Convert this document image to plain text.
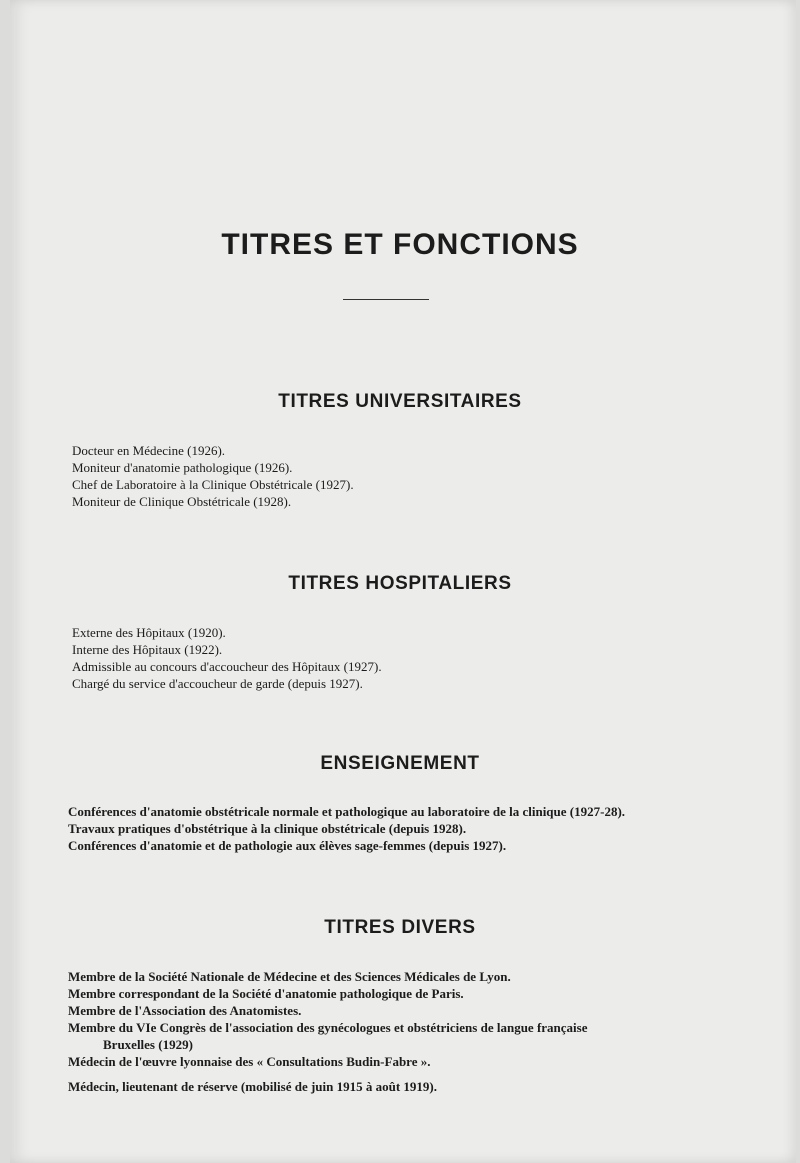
TITRES ET FONCTIONS
TITRES UNIVERSITAIRES
Docteur en Médecine (1926).
Moniteur d'anatomie pathologique (1926).
Chef de Laboratoire à la Clinique Obstétricale (1927).
Moniteur de Clinique Obstétricale (1928).
TITRES HOSPITALIERS
Externe des Hôpitaux (1920).
Interne des Hôpitaux (1922).
Admissible au concours d'accoucheur des Hôpitaux (1927).
Chargé du service d'accoucheur de garde (depuis 1927).
ENSEIGNEMENT
Conférences d'anatomie obstétricale normale et pathologique au laboratoire de la clinique (1927-28).
Travaux pratiques d'obstétrique à la clinique obstétricale (depuis 1928).
Conférences d'anatomie et de pathologie aux élèves sage-femmes (depuis 1927).
TITRES DIVERS
Membre de la Société Nationale de Médecine et des Sciences Médicales de Lyon.
Membre correspondant de la Société d'anatomie pathologique de Paris.
Membre de l'Association des Anatomistes.
Membre du VIe Congrès de l'association des gynécologues et obstétriciens de langue française
Bruxelles (1929)
Médecin de l'œuvre lyonnaise des « Consultations Budin-Fabre ».
Médecin, lieutenant de réserve (mobilisé de juin 1915 à août 1919).
